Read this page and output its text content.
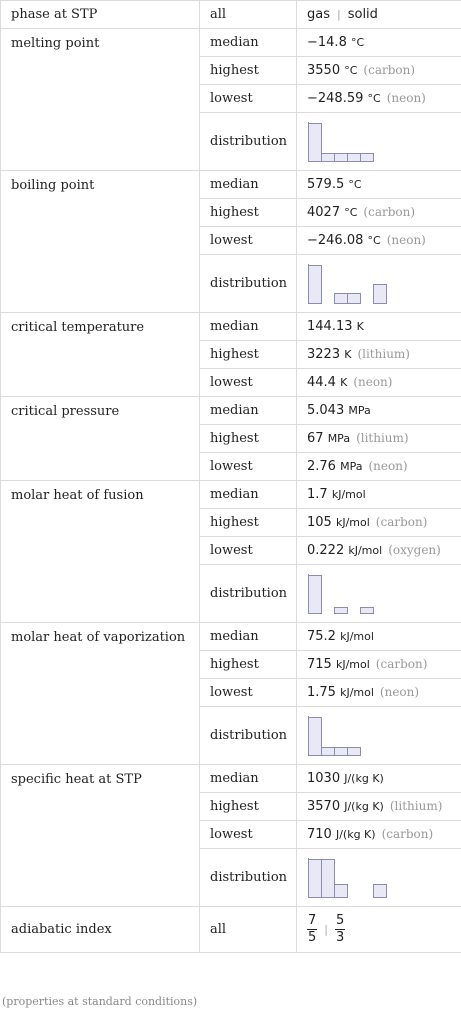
phase at STP	all	gas | solid
melting point	median	−14.8 °C
	highest	3550 °C (carbon)
	lowest	−248.59 °C (neon)
	distribution	

boiling point	median	579.5 °C
	highest	4027 °C (carbon)
	lowest	−246.08 °C (neon)
	distribution	

critical temperature	median	144.13 K
	highest	3223 K (lithium)
	lowest	44.4 K (neon)
critical pressure	median	5.043 MPa
	highest	67 MPa (lithium)
	lowest	2.76 MPa (neon)
molar heat of fusion	median	1.7 kJ/mol
	highest	105 kJ/mol (carbon)
	lowest	0.222 kJ/mol (oxygen)
	distribution	

molar heat of vaporization	median	75.2 kJ/mol
	highest	715 kJ/mol (carbon)
	lowest	1.75 kJ/mol (neon)
	distribution	

specific heat at STP	median	1030 J/(kg K)
	highest	3570 J/(kg K) (lithium)
	lowest	710 J/(kg K) (carbon)
	distribution	

adiabatic index	all	$\frac{7}{5}$ | $\frac{5}{3}$
(properties at standard conditions)
